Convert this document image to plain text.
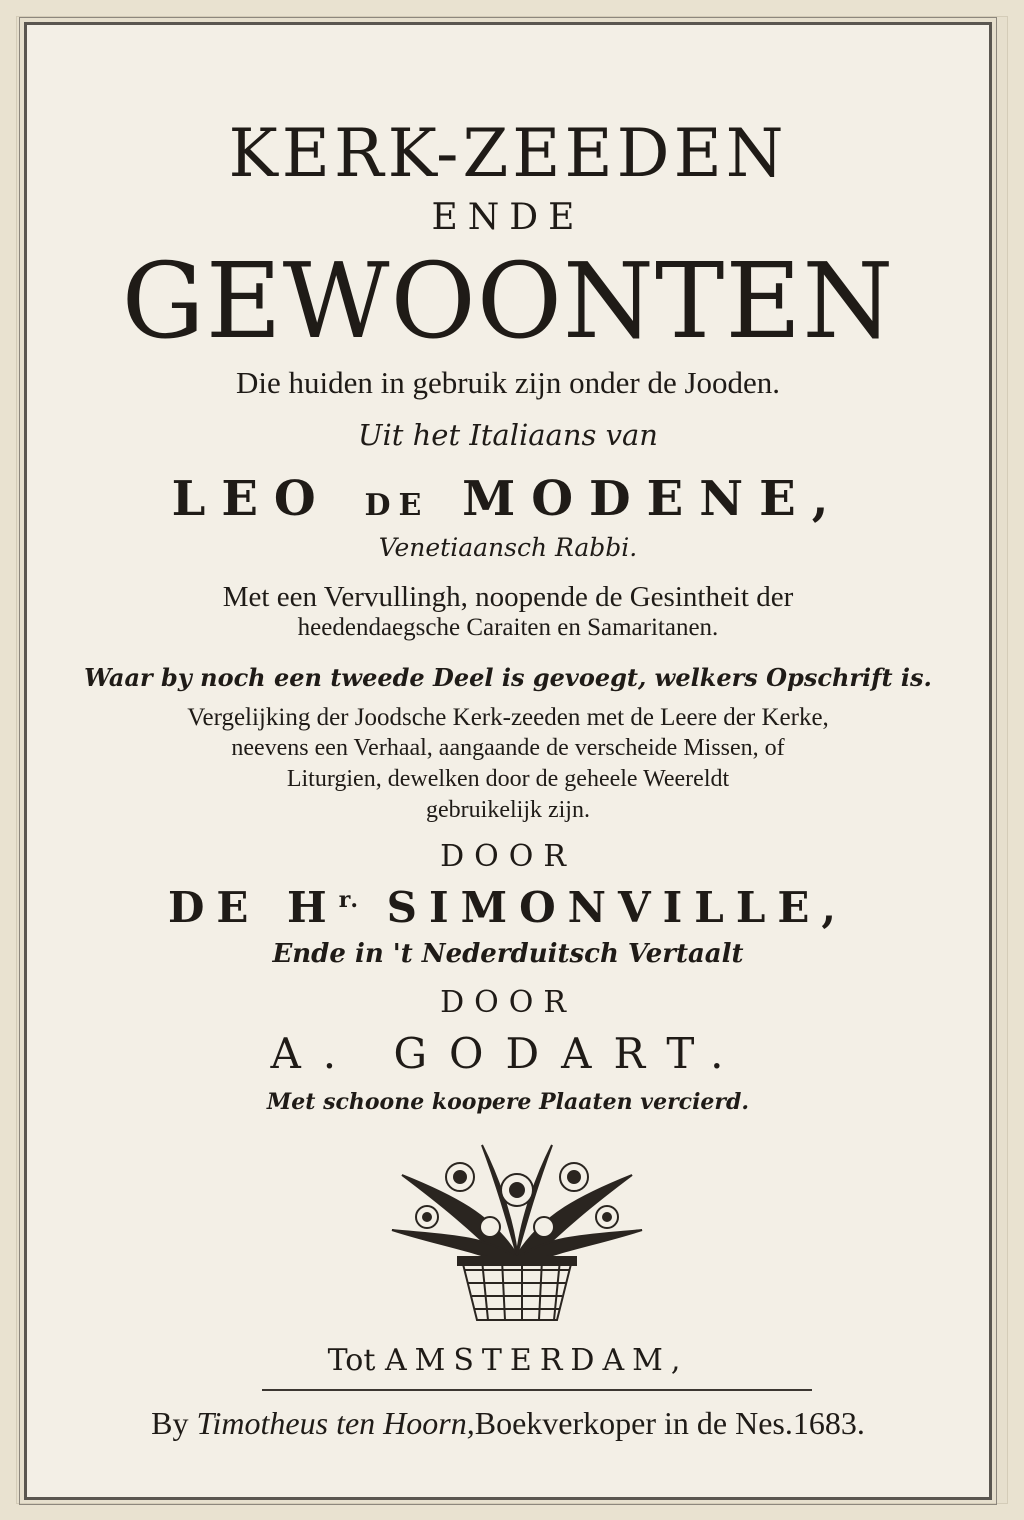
KERK-ZEEDEN
ENDE
GEWOONTEN
Die huiden in gebruik zijn onder de Jooden.
Uit het Italiaans van
LEO DE MODENE,
Venetiaansch Rabbi.
Met een Vervullingh, noopende de Gesintheit der
heedendaegsche Caraiten en Samaritanen.
Waar by noch een tweede Deel is gevoegt, welkers Opschrift is.
Vergelijking der Joodsche Kerk-zeeden met de Leere der Kerke,
neevens een Verhaal, aangaande de verscheide Missen, of
Liturgien, dewelken door de geheele Weereldt
gebruikelijk zijn.
DOOR
DE $H^{r.}$ SIMONVILLE,
Ende in 't Nederduitsch Vertaalt
DOOR
A. GODART.
Met schoone koopere Plaaten vercierd.
Tot AMSTERDAM,
By Timotheus ten Hoorn,Boekverkoper in de Nes.1683.
